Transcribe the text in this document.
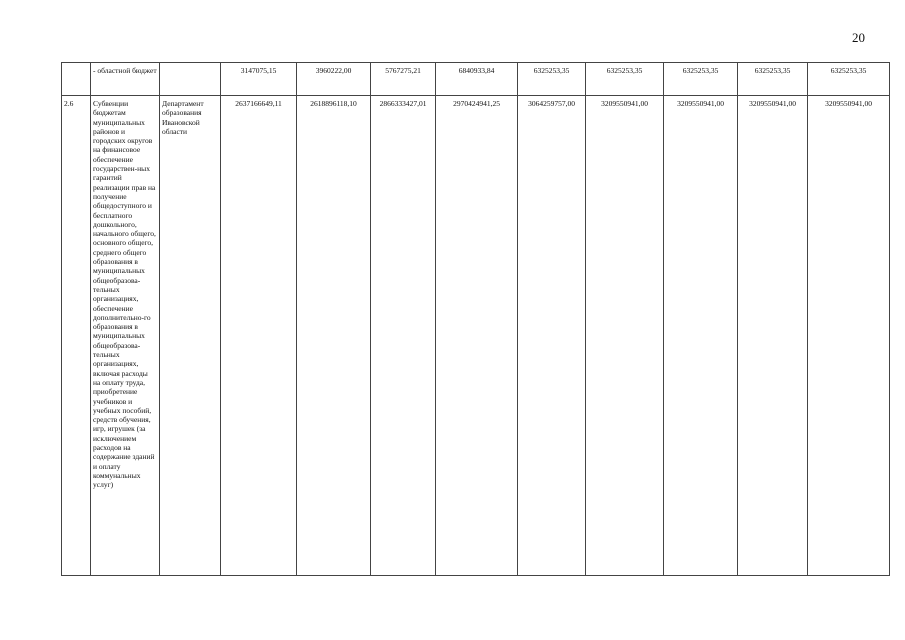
20
	- областной бюджет		3147075,15	3960222,00	5767275,21	6840933,84	6325253,35	6325253,35	6325253,35	6325253,35	6325253,35
2.6	Субвенции бюджетам муниципальных районов и городских округов на финансовое обеспечение государствен-ных гарантий реализации прав на получение общедоступного и бесплатного дошкольного, начального общего, основного общего, среднего общего образования в муниципальных общеобразова-тельных организациях, обеспечение дополнительно-го образования в муниципальных общеобразова-тельных организациях, включая расходы на оплату труда, приобретение учебников и учебных пособий, средств обучения, игр, игрушек (за исключением расходов на содержание зданий и оплату коммунальных услуг)	Департамент образования Ивановской области	2637166649,11	2618896118,10	2866333427,01	2970424941,25	3064259757,00	3209550941,00	3209550941,00	3209550941,00	3209550941,00
